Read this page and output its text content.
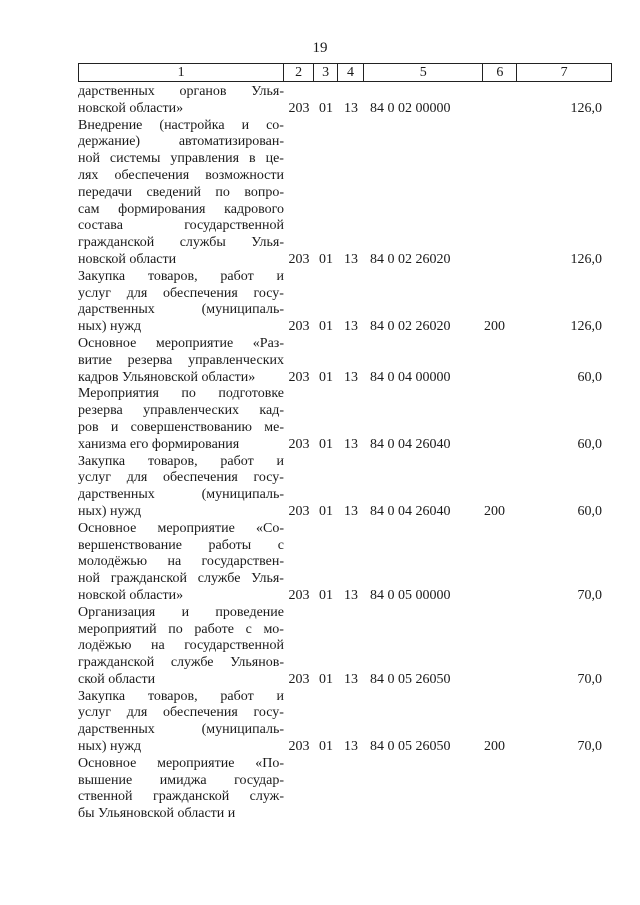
19
1	2	3	4	5	6	7
дарственных органов Улья-
новской области»	203 01 13 84 0 02 00000	126,0
Внедрение (настройка и со-
держание)	автоматизирован-
ной системы управления в це-
лях обеспечения возможности
передачи сведений по вопро-
сам формирования кадрового
состава	государственной
гражданской службы Улья-
новской области	203 01 13 84 0 02 26020	126,0
Закупка товаров, работ и
услуг для обеспечения госу-
дарственных	(муниципаль-
ных) нужд	203 01 13 84 0 02 26020	200	126,0
Основное мероприятие «Раз-
витие резерва управленческих
кадров Ульяновской области»	203 01 13 84 0 04 00000	60,0
Мероприятия по подготовке
резерва управленческих кад-
ров и совершенствованию ме-
ханизма его формирования	203 01 13 84 0 04 26040	60,0
Закупка товаров, работ и
услуг для обеспечения госу-
дарственных	(муниципаль-
ных) нужд	203 01 13 84 0 04 26040	200	60,0
Основное мероприятие «Со-
вершенствование работы с
молодёжью на государствен-
ной гражданской службе Улья-
новской области»	203 01 13 84 0 05 00000	70,0
Организация и проведение
мероприятий по работе с мо-
лодёжью на государственной
гражданской службе Ульянов-
ской области	203 01 13 84 0 05 26050	70,0
Закупка товаров, работ и
услуг для обеспечения госу-
дарственных	(муниципаль-
ных) нужд	203 01 13 84 0 05 26050	200	70,0
Основное мероприятие «По-
вышение имиджа государ-
ственной гражданской служ-
бы Ульяновской области и
